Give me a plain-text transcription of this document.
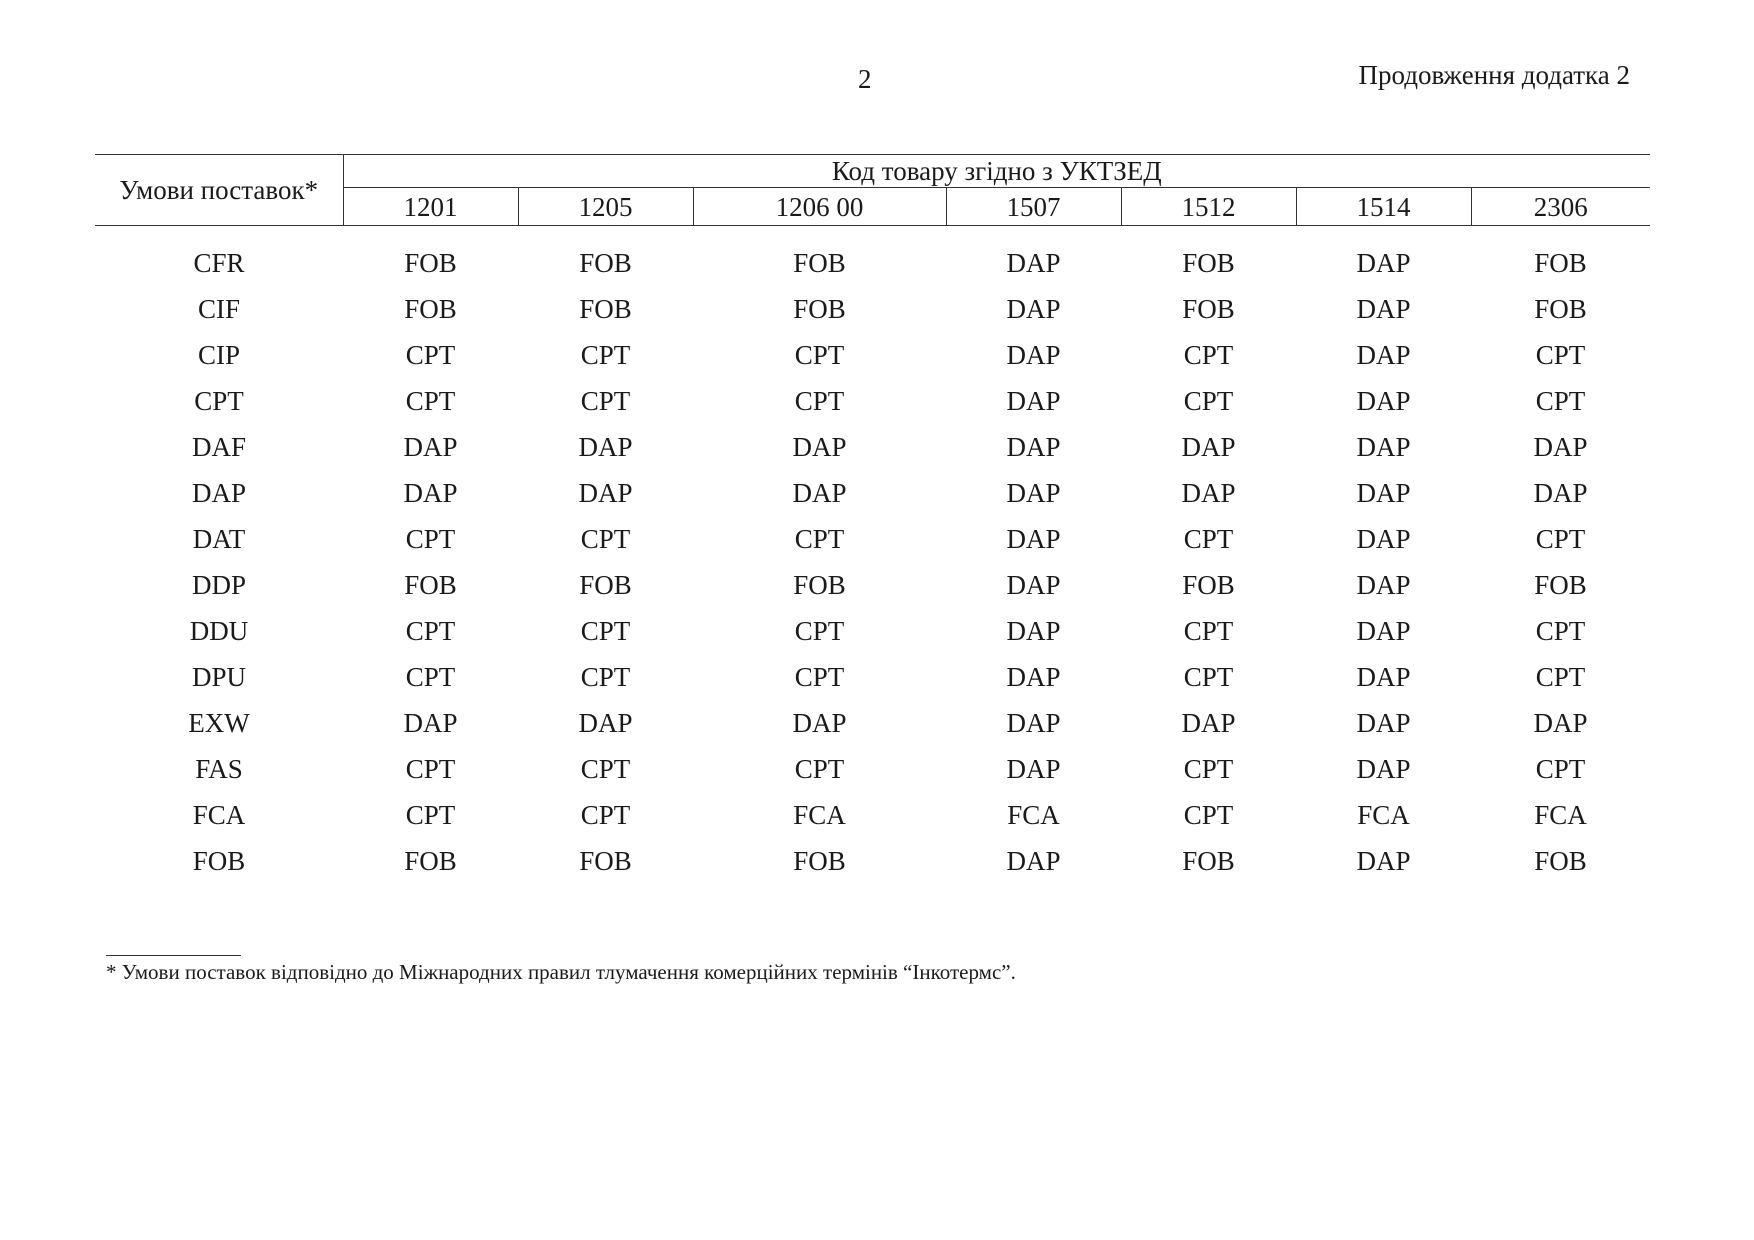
2	Продовження додатка 2
Умови поставок*	Код товару згідно з УКТЗЕД						
	1201	1205	1206 00	1507	1512	1514	2306
CFR	FOB	FOB	FOB	DAP	FOB	DAP	FOB
CIF	FOB	FOB	FOB	DAP	FOB	DAP	FOB
CIP	CPT	CPT	CPT	DAP	CPT	DAP	CPT
CPT	CPT	CPT	CPT	DAP	CPT	DAP	CPT
DAF	DAP	DAP	DAP	DAP	DAP	DAP	DAP
DAP	DAP	DAP	DAP	DAP	DAP	DAP	DAP
DAT	CPT	CPT	CPT	DAP	CPT	DAP	CPT
DDP	FOB	FOB	FOB	DAP	FOB	DAP	FOB
DDU	CPT	CPT	CPT	DAP	CPT	DAP	CPT
DPU	CPT	CPT	CPT	DAP	CPT	DAP	CPT
EXW	DAP	DAP	DAP	DAP	DAP	DAP	DAP
FAS	CPT	CPT	CPT	DAP	CPT	DAP	CPT
FCA	CPT	CPT	FCA	FCA	CPT	FCA	FCA
FOB	FOB	FOB	FOB	DAP	FOB	DAP	FOB
* Умови поставок відповідно до Міжнародних правил тлумачення комерційних термінів “Інкотермс”.
